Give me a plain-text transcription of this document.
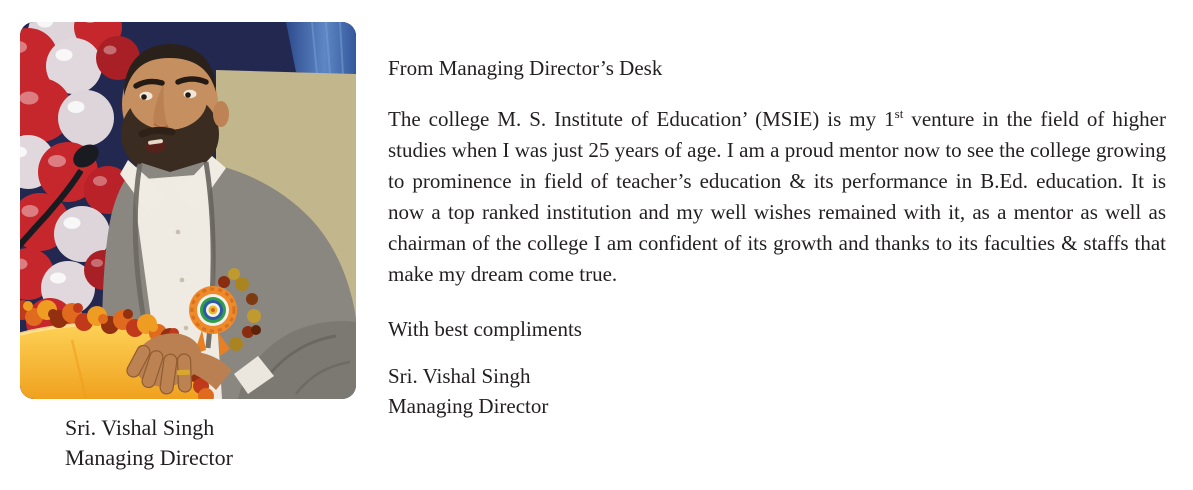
Sri. Vishal Singh
Managing Director

From Managing Director’s Desk

The college M. S. Institute of Education’ (MSIE) is my 1st venture in the field of higher studies when I was just 25 years of age. I am a proud mentor now to see the college growing to prominence in field of teacher’s education & its performance in B.Ed. education. It is now a top ranked institution and my well wishes remained with it, as a mentor as well as chairman of the college I am confident of its growth and thanks to its faculties & staffs that make my dream come true.

With best compliments

Sri. Vishal Singh
Managing Director
